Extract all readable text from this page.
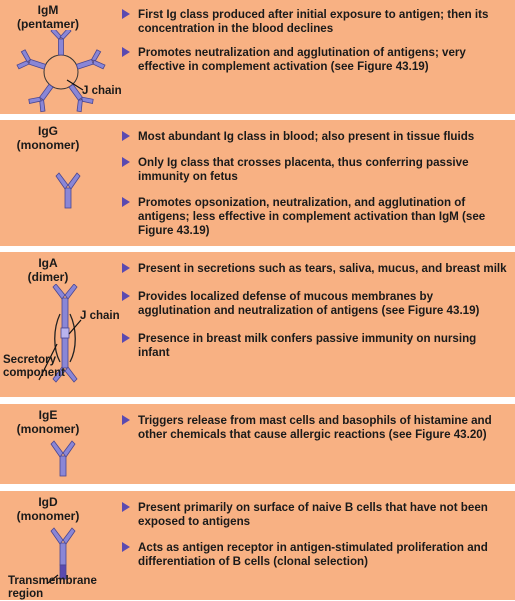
IgM
(pentamer)
J chain
First Ig class produced after initial exposure to antigen; then its concentration in the blood declines
Promotes neutralization and agglutination of antigens; very effective in complement activation (see Figure 43.19)
IgG
(monomer)
Most abundant Ig class in blood; also present in tissue fluids
Only Ig class that crosses placenta, thus conferring passive immunity on fetus
Promotes opsonization, neutralization, and agglutination of antigens; less effective in complement activation than IgM (see Figure 43.19)
IgA
(dimer)
J chain
Secretory component
Present in secretions such as tears, saliva, mucus, and breast milk
Provides localized defense of mucous membranes by agglutination and neutralization of antigens (see Figure 43.19)
Presence in breast milk confers passive immunity on nursing infant
IgE
(monomer)
Triggers release from mast cells and basophils of histamine and other chemicals that cause allergic reactions (see Figure 43.20)
IgD
(monomer)
Transmembrane region
Present primarily on surface of naive B cells that have not been exposed to antigens
Acts as antigen receptor in antigen-stimulated proliferation and differentiation of B cells (clonal selection)
